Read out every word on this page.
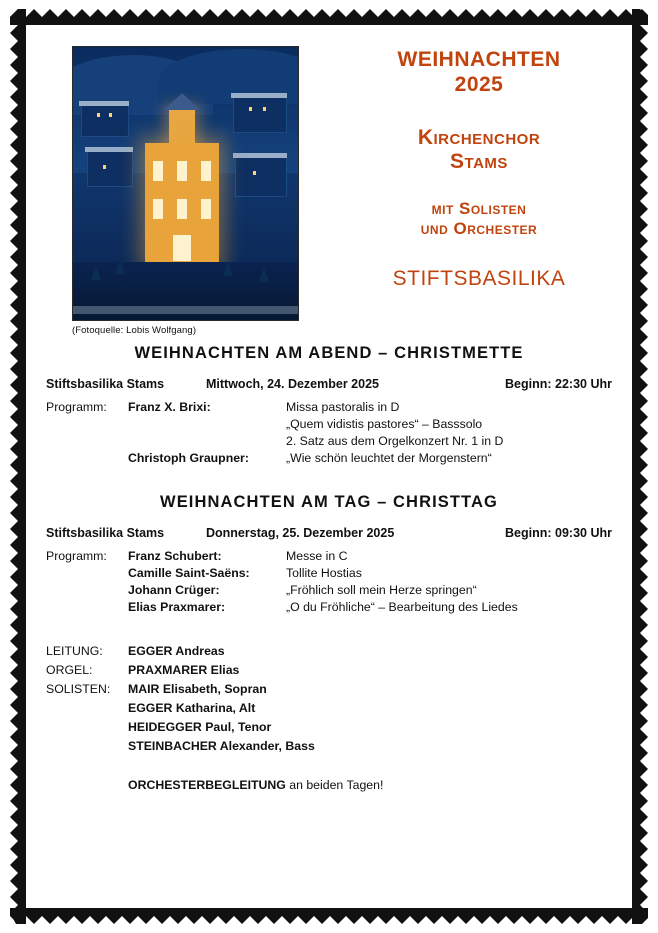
(Fotoquelle: Lobis Wolfgang)
WEIHNACHTEN
2025
Kirchenchor
Stams
mit Solisten
und Orchester
STIFTSBASILIKA
WEIHNACHTEN AM ABEND – CHRISTMETTE
Stiftsbasilika Stams	Mittwoch, 24. Dezember 2025	Beginn: 22:30 Uhr
Programm:	Franz X. Brixi:	Missa pastoralis in D
„Quem vidistis pastores“ – Basssolo
2. Satz aus dem Orgelkonzert Nr. 1 in D
Christoph Graupner:	„Wie schön leuchtet der Morgenstern“
WEIHNACHTEN AM TAG – CHRISTTAG
Stiftsbasilika Stams	Donnerstag, 25. Dezember 2025	Beginn: 09:30 Uhr
Programm:	Franz Schubert:	Messe in C
Camille Saint-Saëns:	Tollite Hostias
Johann Crüger:	„Fröhlich soll mein Herze springen“
Elias Praxmarer:	„O du Fröhliche“ – Bearbeitung des Liedes
LEITUNG:	EGGER Andreas
ORGEL:	PRAXMARER Elias
SOLISTEN:	MAIR Elisabeth, Sopran
EGGER Katharina, Alt
HEIDEGGER Paul, Tenor
STEINBACHER Alexander, Bass
ORCHESTERBEGLEITUNG an beiden Tagen!
